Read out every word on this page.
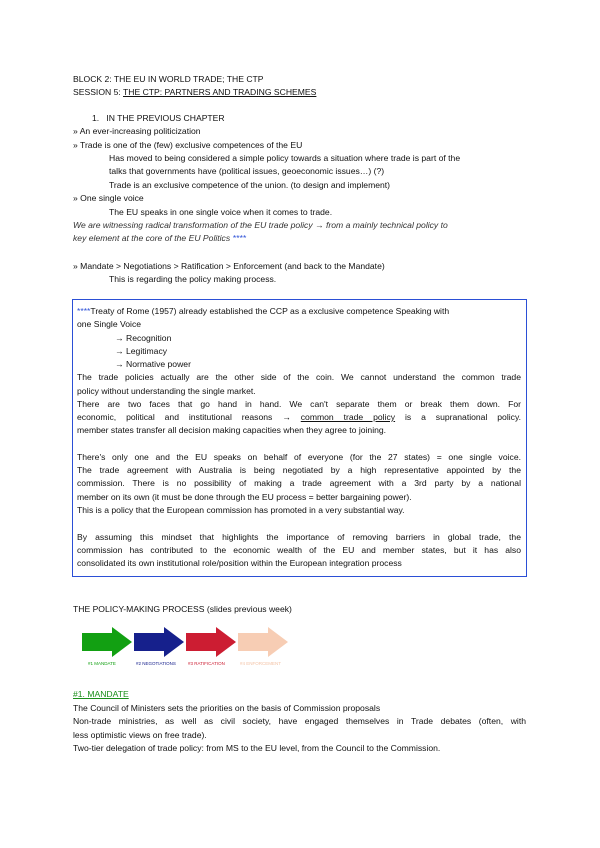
BLOCK 2: THE EU IN WORLD TRADE; THE CTP
SESSION 5: THE CTP: PARTNERS AND TRADING SCHEMES
1. IN THE PREVIOUS CHAPTER
» An ever-increasing politicization
» Trade is one of the (few) exclusive competences of the EU
Has moved to being considered a simple policy towards a situation where trade is part of the
talks that governments have (political issues, geoeconomic issues…) (?)
Trade is an exclusive competence of the union. (to design and implement)
» One single voice
The EU speaks in one single voice when it comes to trade.
We are witnessing radical transformation of the EU trade policy → from a mainly technical policy to
key element at the core of the EU Politics ****
» Mandate > Negotiations > Ratification > Enforcement (and back to the Mandate)
This is regarding the policy making process.
****Treaty of Rome (1957) already established the CCP as a exclusive competence Speaking with
one Single Voice
→ Recognition
→ Legitimacy
→ Normative power
The trade policies actually are the other side of the coin. We cannot understand the common trade
policy without understanding the single market.
There are two faces that go hand in hand. We can't separate them or break them down. For
economic, political and institutional reasons → common trade policy is a supranational policy.
member states transfer all decision making capacities when they agree to joining.
There's only one and the EU speaks on behalf of everyone (for the 27 states) = one single voice.
The trade agreement with Australia is being negotiated by a high representative appointed by the
commission. There is no possibility of making a trade agreement with a 3rd party by a national
member on its own (it must be done through the EU process = better bargaining power).
This is a policy that the European commission has promoted in a very substantial way.
By assuming this mindset that highlights the importance of removing barriers in global trade, the
commission has contributed to the economic wealth of the EU and member states, but it has also
consolidated its own institutional role/position within the European integration process
THE POLICY-MAKING PROCESS (slides previous week)
#1 MANDATE	#2 NEGOTIATIONS	#3 RATIFICATION	#4 ENFORCEMENT
#1. MANDATE
The Council of Ministers sets the priorities on the basis of Commission proposals
Non-trade ministries, as well as civil society, have engaged themselves in Trade debates (often, with
less optimistic views on free trade).
Two-tier delegation of trade policy: from MS to the EU level, from the Council to the Commission.
